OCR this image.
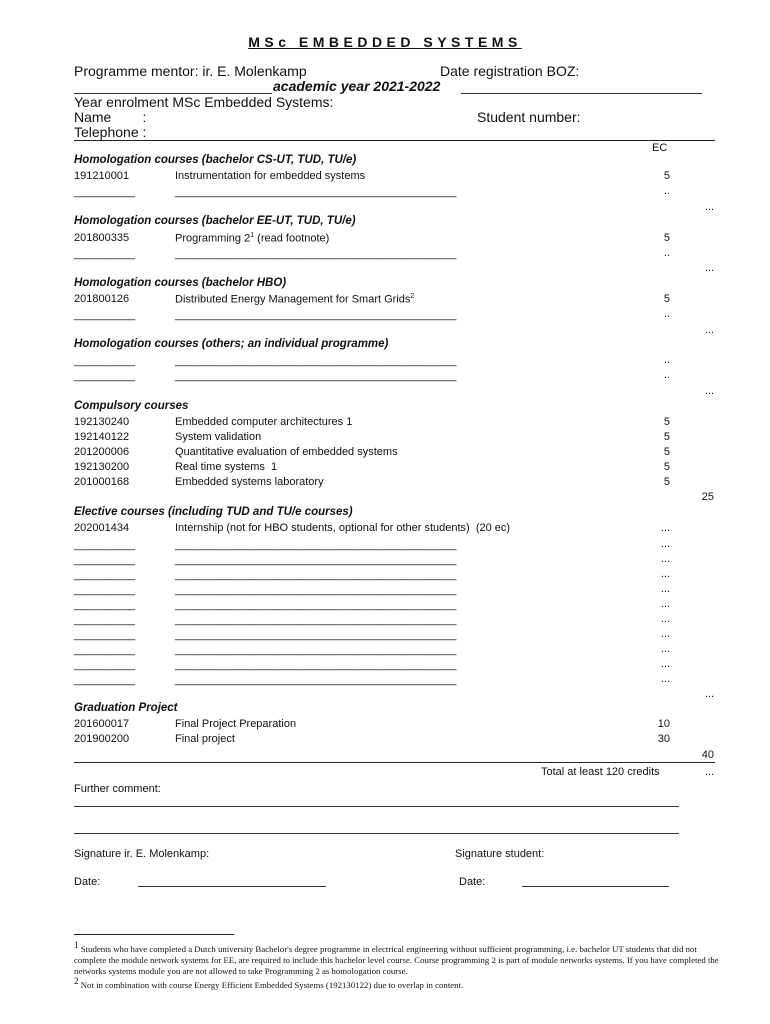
MSc EMBEDDED SYSTEMS
Programme mentor: ir. E. Molenkamp	Date registration BOZ:
academic year 2021-2022
Year enrolment MSc Embedded Systems:
Name        :	Student number:
Telephone :
EC
Homologation courses (bachelor CS-UT, TUD, TU/e)
191210001	Instrumentation for embedded systems	5
__________	______________________________________________	..
...
Homologation courses (bachelor EE-UT, TUD, TU/e)
201800335	Programming $2^1$ (read footnote)	5
__________	______________________________________________	..
...
Homologation courses (bachelor HBO)
201800126	Distributed Energy Management for Smart Grids$^2$	5
__________	______________________________________________	..
...
Homologation courses (others; an individual programme)
__________	______________________________________________	..
__________	______________________________________________	..
...
Compulsory courses
192130240	Embedded computer architectures 1	5
192140122	System validation	5
201200006	Quantitative evaluation of embedded systems	5
192130200	Real time systems  1	5
201000168	Embedded systems laboratory	5
25
Elective courses (including TUD and TU/e courses)
202001434	Internship (not for HBO students, optional for other students)  (20 ec)	...
__________	______________________________________________	...
__________	______________________________________________	...
__________	______________________________________________	...
__________	______________________________________________	...
__________	______________________________________________	...
__________	______________________________________________	...
__________	______________________________________________	...
__________	______________________________________________	...
__________	______________________________________________	...
__________	______________________________________________	...
...
Graduation Project
201600017	Final Project Preparation	10
201900200	Final project	30
40
Total at least 120 credits	...
Further comment:
Signature ir. E. Molenkamp:	Signature student:
Date:	Date:
$^1$ Students who have completed a Dutch university Bachelor's degree programme in electrical engineering without sufficient programming, i.e. bachelor UT students that did not complete the module network systems for EE, are required to include this bachelor level course. Course programming 2 is part of module networks systems. If you have completed the networks systems module you are not allowed to take Programming 2 as homologation course.
$^2$ Not in combination with course Energy Efficient Embedded Systems (192130122) due to overlap in content.
